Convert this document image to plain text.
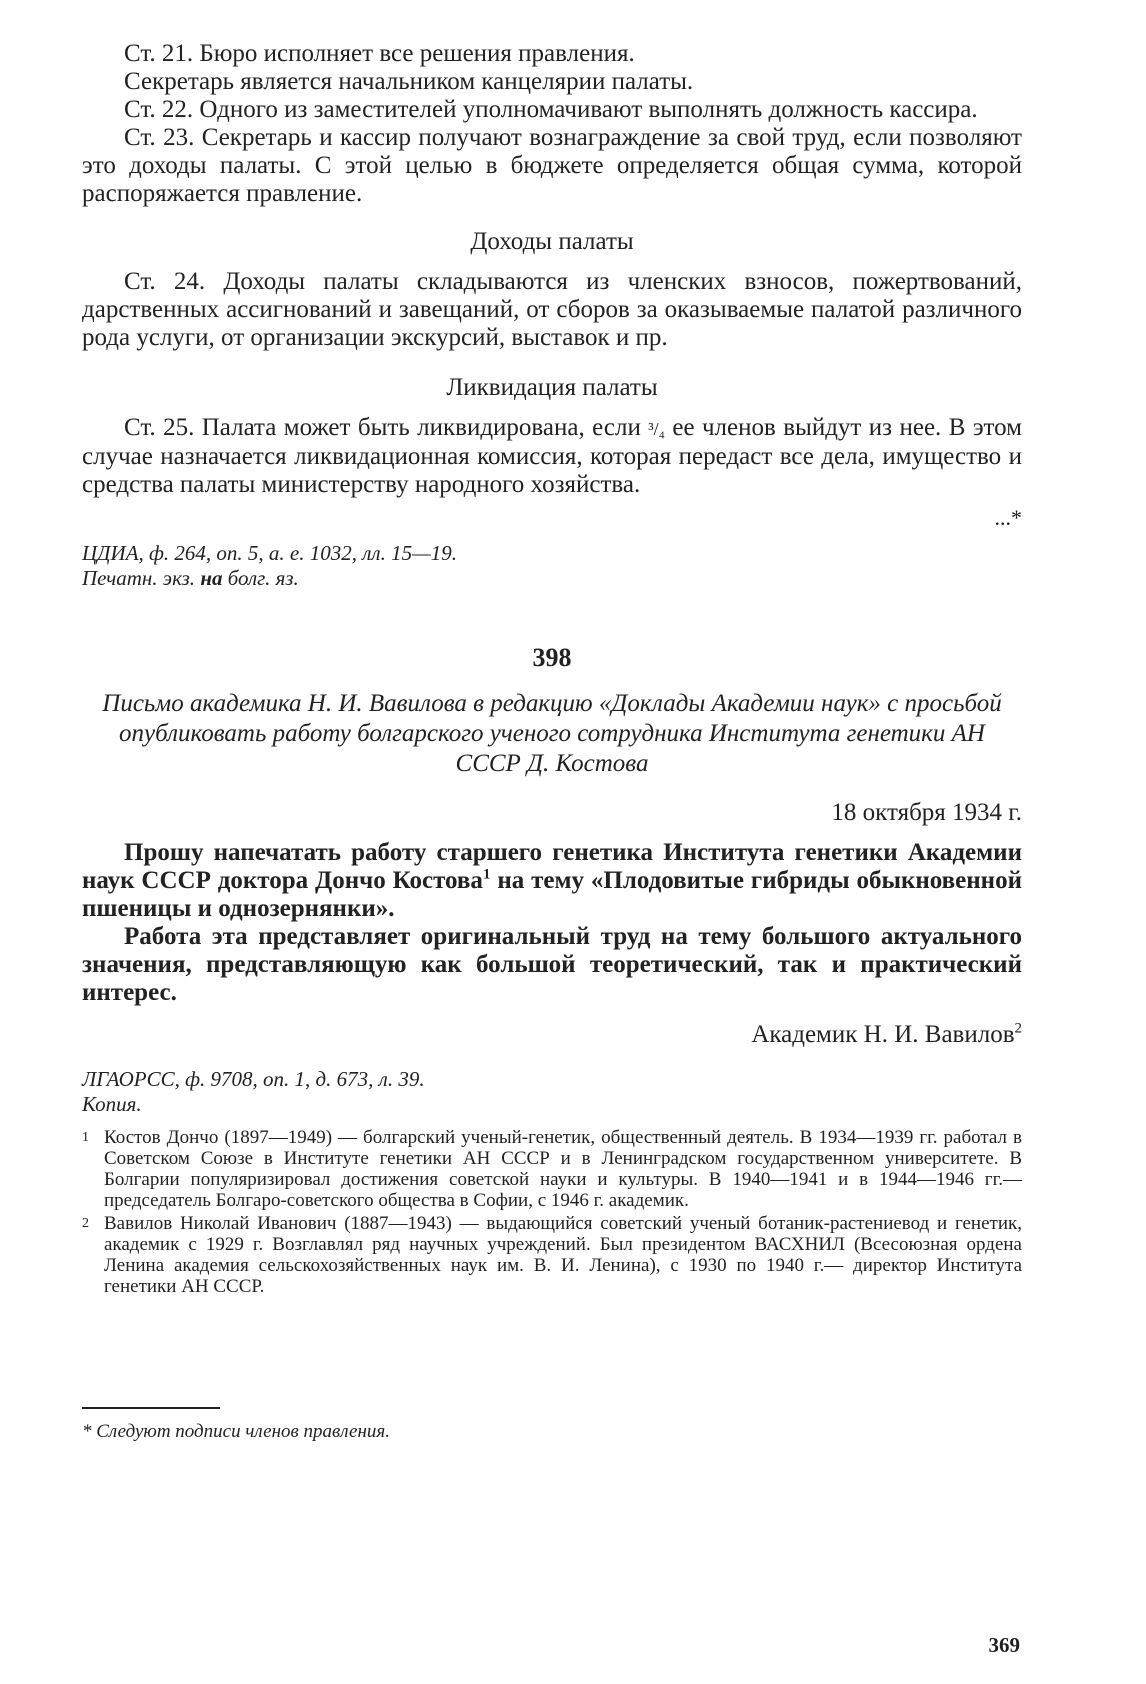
Ст. 21. Бюро исполняет все решения правления.

Секретарь является начальником канцелярии палаты.

Ст. 22. Одного из заместителей уполномачивают выполнять должность кассира.

Ст. 23. Секретарь и кассир получают вознаграждение за свой труд, если позволяют это доходы палаты. С этой целью в бюджете определяется общая сумма, которой распоряжается правление.

Доходы палаты

Ст. 24. Доходы палаты складываются из членских взносов, пожертвований, дарственных ассигнований и завещаний, от сборов за оказываемые палатой различного рода услуги, от организации экскурсий, выставок и пр.

Ликвидация палаты

Ст. 25. Палата может быть ликвидирована, если ³/₄ ее членов выйдут из нее. В этом случае назначается ликвидационная комиссия, которая передаст все дела, имущество и средства палаты министерству народного хозяйства.

...*

ЦДИА, ф. 264, оп. 5, а. е. 1032, лл. 15—19.

Печатн. экз. на болг. яз.

398

Письмо академика Н. И. Вавилова в редакцию «Доклады Академии наук» с просьбой опубликовать работу болгарского ученого сотрудника Института генетики АН СССР Д. Костова

18 октября 1934 г.

Прошу напечатать работу старшего генетика Института генетики Академии наук СССР доктора Дончо Костова$^1$ на тему «Плодовитые гибриды обыкновенной пшеницы и однозернянки».

Работа эта представляет оригинальный труд на тему большого актуального значения, представляющую как большой теоретический, так и практический интерес.

Академик Н. И. Вавилов$^2$

ЛГАОРСС, ф. 9708, оп. 1, д. 673, л. 39.

Копия.

1 Костов Дончо (1897—1949) — болгарский ученый-генетик, общественный деятель. В 1934—1939 гг. работал в Советском Союзе в Институте генетики АН СССР и в Ленинградском государственном университете. В Болгарии популяризировал достижения советской науки и культуры. В 1940—1941 и в 1944—1946 гг.— председатель Болгаро-советского общества в Софии, с 1946 г. академик.

2 Вавилов Николай Иванович (1887—1943) — выдающийся советский ученый ботаник-растениевод и генетик, академик с 1929 г. Возглавлял ряд научных учреждений. Был президентом ВАСХНИЛ (Всесоюзная ордена Ленина академия сельскохозяйственных наук им. В. И. Ленина), с 1930 по 1940 г.— директор Института генетики АН СССР.

* Следуют подписи членов правления.

369
